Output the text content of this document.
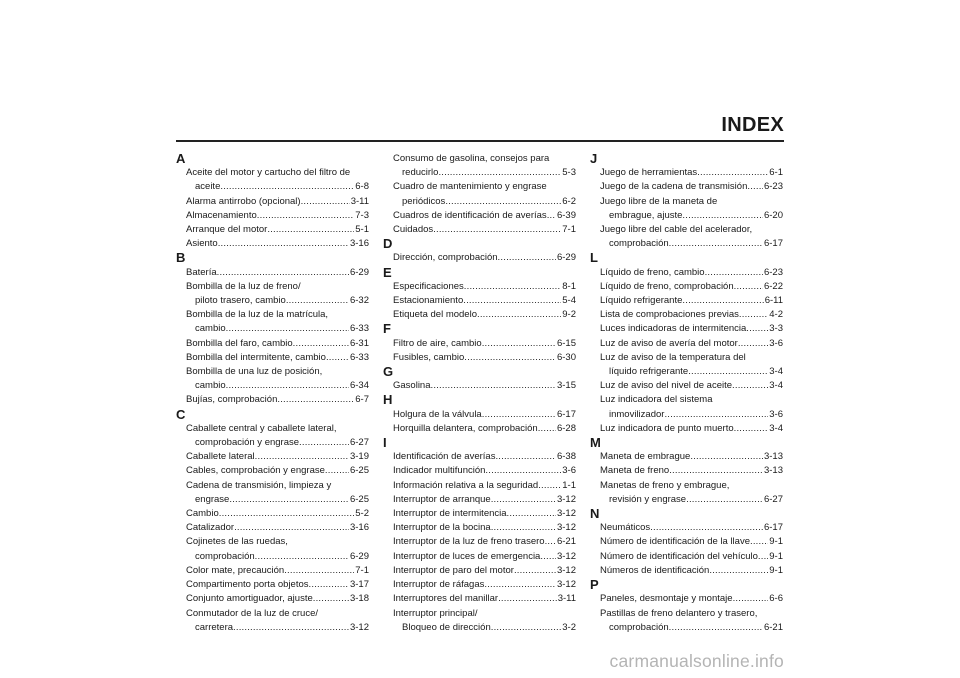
INDEX
A
Aceite del motor y cartucho del filtro de
aceite .....	6-8
Alarma antirrobo (opcional) .....	3-11
Almacenamiento .....	7-3
Arranque del motor .....	5-1
Asiento .....	3-16
B
Batería .....	6-29
Bombilla de la luz de freno/
piloto trasero, cambio .....	6-32
Bombilla de la luz de la matrícula,
cambio .....	6-33
Bombilla del faro, cambio .....	6-31
Bombilla del intermitente, cambio .....	6-33
Bombilla de una luz de posición,
cambio .....	6-34
Bujías, comprobación .....	6-7
C
Caballete central y caballete lateral,
comprobación y engrase .....	6-27
Caballete lateral .....	3-19
Cables, comprobación y engrase .....	6-25
Cadena de transmisión, limpieza y
engrase .....	6-25
Cambio .....	5-2
Catalizador .....	3-16
Cojinetes de las ruedas,
comprobación .....	6-29
Color mate, precaución .....	7-1
Compartimento porta objetos .....	3-17
Conjunto amortiguador, ajuste .....	3-18
Conmutador de la luz de cruce/
carretera .....	3-12
Consumo de gasolina, consejos para
reducirlo .....	5-3
Cuadro de mantenimiento y engrase
periódicos .....	6-2
Cuadros de identificación de averías ..... 6-39
Cuidados .....	7-1
D
Dirección, comprobación .....	6-29
E
Especificaciones .....	8-1
Estacionamiento .....	5-4
Etiqueta del modelo .....	9-2
F
Filtro de aire, cambio .....	6-15
Fusibles, cambio .....	6-30
G
Gasolina .....	3-15
H
Holgura de la válvula .....	6-17
Horquilla delantera, comprobación ..... 6-28
I
Identificación de averías .....	6-38
Indicador multifunción .....	3-6
Información relativa a la seguridad .....	1-1
Interruptor de arranque .....	3-12
Interruptor de intermitencia .....	3-12
Interruptor de la bocina .....	3-12
Interruptor de la luz de freno trasero ..... 6-21
Interruptor de luces de emergencia ..... 3-12
Interruptor de paro del motor .....	3-12
Interruptor de ráfagas .....	3-12
Interruptores del manillar .....	3-11
Interruptor principal/
Bloqueo de dirección .....	3-2
J
Juego de herramientas .....	6-1
Juego de la cadena de transmisión ..... 6-23
Juego libre de la maneta de
embrague, ajuste .....	6-20
Juego libre del cable del acelerador,
comprobación .....	6-17
L
Líquido de freno, cambio .....	6-23
Líquido de freno, comprobación .....	6-22
Líquido refrigerante .....	6-11
Lista de comprobaciones previas .....	4-2
Luces indicadoras de intermitencia ..... 3-3
Luz de aviso de avería del motor .....	3-6
Luz de aviso de la temperatura del
líquido refrigerante .....	3-4
Luz de aviso del nivel de aceite .....	3-4
Luz indicadora del sistema
inmovilizador .....	3-6
Luz indicadora de punto muerto .....	3-4
M
Maneta de embrague .....	3-13
Maneta de freno .....	3-13
Manetas de freno y embrague,
revisión y engrase .....	6-27
N
Neumáticos .....	6-17
Número de identificación de la llave ..... 9-1
Número de identificación del vehículo ..... 9-1
Números de identificación .....	9-1
P
Paneles, desmontaje y montaje .....	6-6
Pastillas de freno delantero y trasero,
comprobación .....	6-21
carmanualsonline.info
